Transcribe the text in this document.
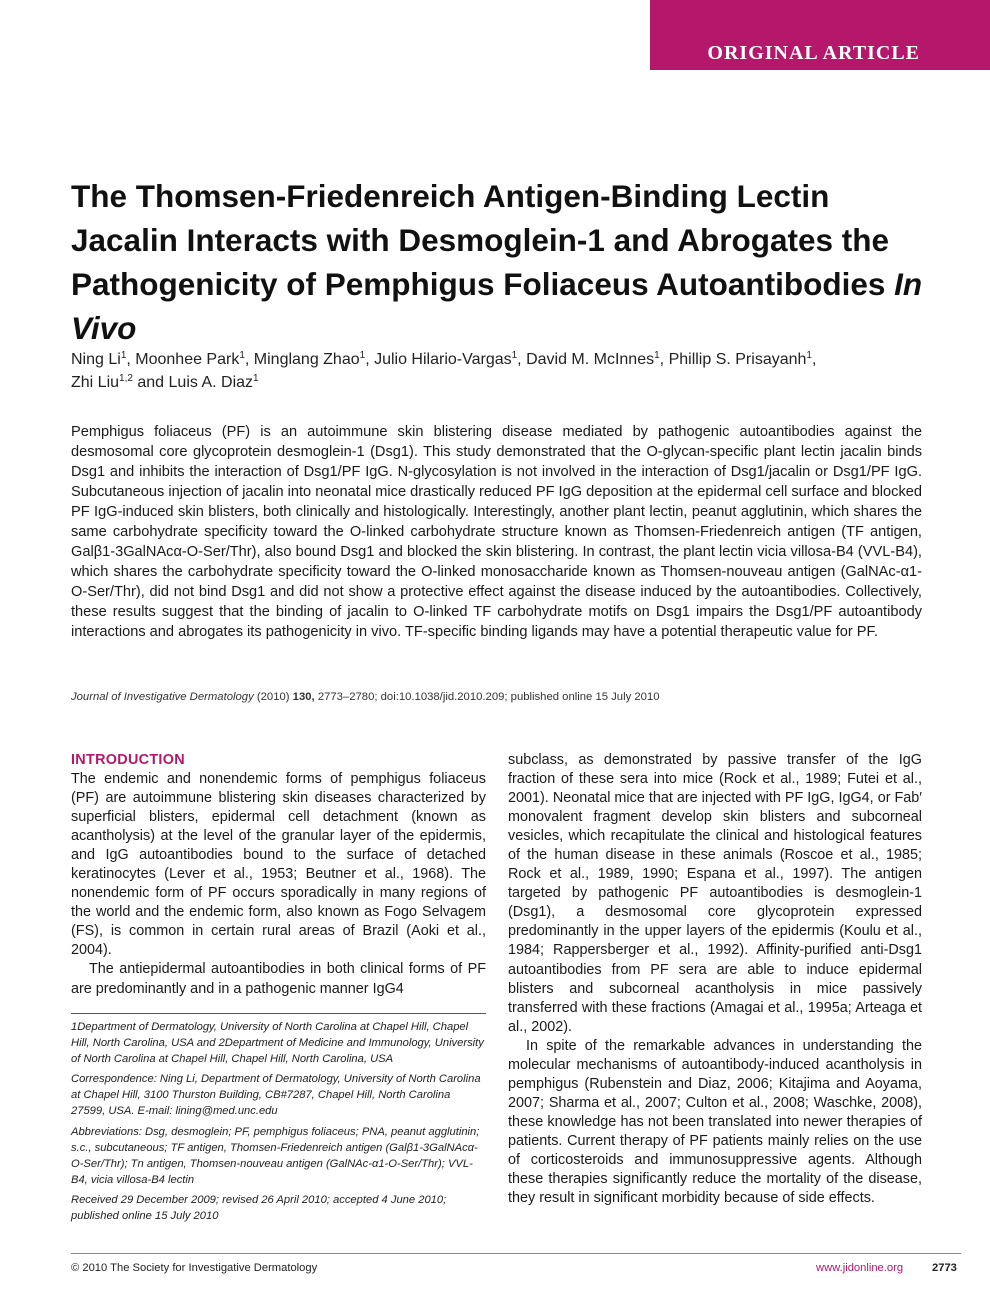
ORIGINAL ARTICLE
The Thomsen-Friedenreich Antigen-Binding Lectin Jacalin Interacts with Desmoglein-1 and Abrogates the Pathogenicity of Pemphigus Foliaceus Autoantibodies In Vivo
Ning Li$^1$, Moonhee Park$^1$, Minglang Zhao$^1$, Julio Hilario-Vargas$^1$, David M. McInnes$^1$, Phillip S. Prisayanh$^1$,
Zhi Liu$^{1,2}$ and Luis A. Diaz$^1$
Pemphigus foliaceus (PF) is an autoimmune skin blistering disease mediated by pathogenic autoantibodies against the desmosomal core glycoprotein desmoglein-1 (Dsg1). This study demonstrated that the O-glycan-specific plant lectin jacalin binds Dsg1 and inhibits the interaction of Dsg1/PF IgG. N-glycosylation is not involved in the interaction of Dsg1/jacalin or Dsg1/PF IgG. Subcutaneous injection of jacalin into neonatal mice drastically reduced PF IgG deposition at the epidermal cell surface and blocked PF IgG-induced skin blisters, both clinically and histologically. Interestingly, another plant lectin, peanut agglutinin, which shares the same carbohydrate specificity toward the O-linked carbohydrate structure known as Thomsen-Friedenreich antigen (TF antigen, Galβ1-3GalNAcα-O-Ser/Thr), also bound Dsg1 and blocked the skin blistering. In contrast, the plant lectin vicia villosa-B4 (VVL-B4), which shares the carbohydrate specificity toward the O-linked monosaccharide known as Thomsen-nouveau antigen (GalNAc-α1-O-Ser/Thr), did not bind Dsg1 and did not show a protective effect against the disease induced by the autoantibodies. Collectively, these results suggest that the binding of jacalin to O-linked TF carbohydrate motifs on Dsg1 impairs the Dsg1/PF autoantibody interactions and abrogates its pathogenicity in vivo. TF-specific binding ligands may have a potential therapeutic value for PF.
Journal of Investigative Dermatology (2010) 130, 2773–2780; doi:10.1038/jid.2010.209; published online 15 July 2010
INTRODUCTION

The endemic and nonendemic forms of pemphigus foliaceus (PF) are autoimmune blistering skin diseases characterized by superficial blisters, epidermal cell detachment (known as acantholysis) at the level of the granular layer of the epidermis, and IgG autoantibodies bound to the surface of detached keratinocytes (Lever et al., 1953; Beutner et al., 1968). The nonendemic form of PF occurs sporadically in many regions of the world and the endemic form, also known as Fogo Selvagem (FS), is common in certain rural areas of Brazil (Aoki et al., 2004).

The antiepidermal autoantibodies in both clinical forms of PF are predominantly and in a pathogenic manner IgG4

1Department of Dermatology, University of North Carolina at Chapel Hill, Chapel Hill, North Carolina, USA and 2Department of Medicine and Immunology, University of North Carolina at Chapel Hill, Chapel Hill, North Carolina, USA

Correspondence: Ning Li, Department of Dermatology, University of North Carolina at Chapel Hill, 3100 Thurston Building, CB#7287, Chapel Hill, North Carolina 27599, USA. E-mail: lining@med.unc.edu

Abbreviations: Dsg, desmoglein; PF, pemphigus foliaceus; PNA, peanut agglutinin; s.c., subcutaneous; TF antigen, Thomsen-Friedenreich antigen (Galβ1-3GalNAcα-O-Ser/Thr); Tn antigen, Thomsen-nouveau antigen (GalNAc-α1-O-Ser/Thr); VVL-B4, vicia villosa-B4 lectin

Received 29 December 2009; revised 26 April 2010; accepted 4 June 2010; published online 15 July 2010

subclass, as demonstrated by passive transfer of the IgG fraction of these sera into mice (Rock et al., 1989; Futei et al., 2001). Neonatal mice that are injected with PF IgG, IgG4, or Fab′ monovalent fragment develop skin blisters and subcorneal vesicles, which recapitulate the clinical and histological features of the human disease in these animals (Roscoe et al., 1985; Rock et al., 1989, 1990; Espana et al., 1997). The antigen targeted by pathogenic PF autoantibodies is desmoglein-1 (Dsg1), a desmosomal core glycoprotein expressed predominantly in the upper layers of the epidermis (Koulu et al., 1984; Rappersberger et al., 1992). Affinity-purified anti-Dsg1 autoantibodies from PF sera are able to induce epidermal blisters and subcorneal acantholysis in mice passively transferred with these fractions (Amagai et al., 1995a; Arteaga et al., 2002).

In spite of the remarkable advances in understanding the molecular mechanisms of autoantibody-induced acantholysis in pemphigus (Rubenstein and Diaz, 2006; Kitajima and Aoyama, 2007; Sharma et al., 2007; Culton et al., 2008; Waschke, 2008), these knowledge has not been translated into newer therapies of patients. Current therapy of PF patients mainly relies on the use of corticosteroids and immunosuppressive agents. Although these therapies significantly reduce the mortality of the disease, they result in significant morbidity because of side effects.

© 2010 The Society for Investigative Dermatology	www.jidonline.org	2773
